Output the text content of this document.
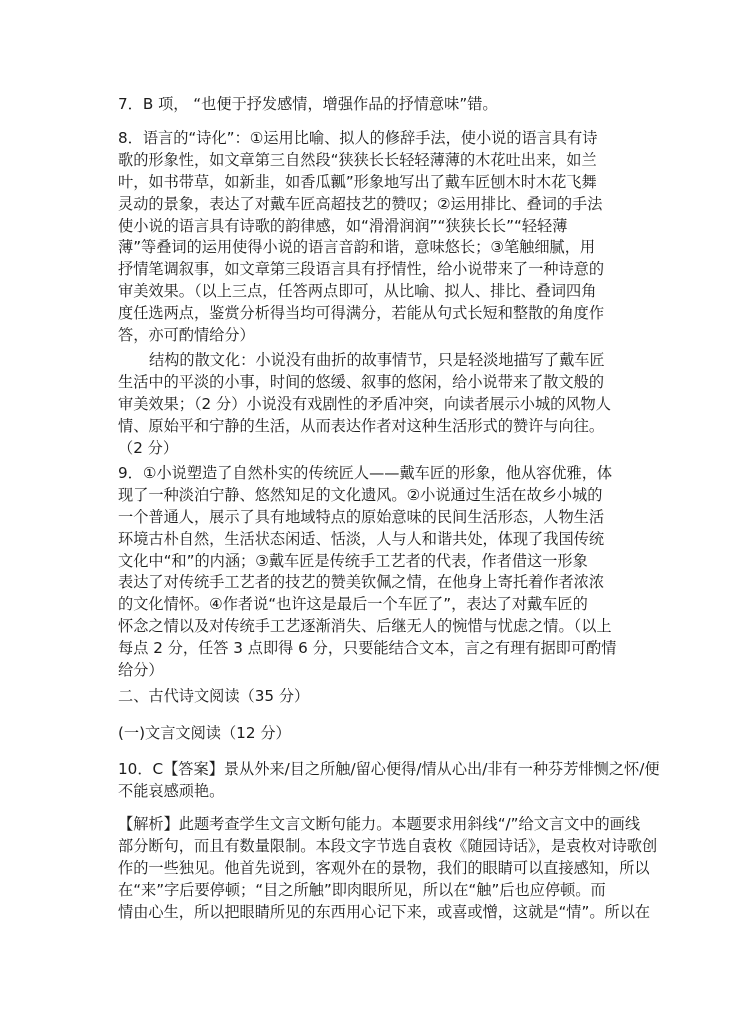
7．B 项， “也便于抒发感情，增强作品的抒情意味”错。
8．语言的“诗化”：①运用比喻、拟人的修辞手法，使小说的语言具有诗
歌的形象性，如文章第三自然段“狭狭长长轻轻薄薄的木花吐出来，如兰
叶，如书带草，如新韭，如香瓜瓤”形象地写出了戴车匠刨木时木花飞舞
灵动的景象，表达了对戴车匠高超技艺的赞叹；②运用排比、叠词的手法
使小说的语言具有诗歌的韵律感，如“滑滑润润”“狭狭长长”“轻轻薄
薄”等叠词的运用使得小说的语言音韵和谐，意味悠长；③笔触细腻，用
抒情笔调叙事，如文章第三段语言具有抒情性，给小说带来了一种诗意的
审美效果。（以上三点，任答两点即可，从比喻、拟人、排比、叠词四角
度任选两点，鉴赏分析得当均可得满分，若能从句式长短和整散的角度作
答，亦可酌情给分）
结构的散文化：小说没有曲折的故事情节，只是轻淡地描写了戴车匠
生活中的平淡的小事，时间的悠缓、叙事的悠闲，给小说带来了散文般的
审美效果；（2 分）小说没有戏剧性的矛盾冲突，向读者展示小城的风物人
情、原始平和宁静的生活，从而表达作者对这种生活形式的赞许与向往。
（2 分）
9．①小说塑造了自然朴实的传统匠人——戴车匠的形象，他从容优雅，体
现了一种淡泊宁静、悠然知足的文化遗风。②小说通过生活在故乡小城的
一个普通人，展示了具有地域特点的原始意味的民间生活形态，人物生活
环境古朴自然，生活状态闲适、恬淡，人与人和谐共处，体现了我国传统
文化中“和”的内涵；③戴车匠是传统手工艺者的代表，作者借这一形象
表达了对传统手工艺者的技艺的赞美钦佩之情，在他身上寄托着作者浓浓
的文化情怀。④作者说“也许这是最后一个车匠了”，表达了对戴车匠的
怀念之情以及对传统手工艺逐渐消失、后继无人的惋惜与忧虑之情。（以上
每点 2 分，任答 3 点即得 6 分，只要能结合文本，言之有理有据即可酌情
给分）
二、古代诗文阅读（35 分）
(一)文言文阅读（12 分）
10．C【答案】景从外来/目之所触/留心便得/情从心出/非有一种芬芳悱恻之怀/便
不能哀感顽艳。
【解析】此题考查学生文言文断句能力。本题要求用斜线“/”给文言文中的画线
部分断句，而且有数量限制。本段文字节选自袁枚《随园诗话》，是袁枚对诗歌创
作的一些独见。他首先说到，客观外在的景物，我们的眼睛可以直接感知，所以
在“来”字后要停顿；“目之所触”即肉眼所见，所以在“触”后也应停顿。而
情由心生，所以把眼睛所见的东西用心记下来，或喜或憎，这就是“情”。所以在
